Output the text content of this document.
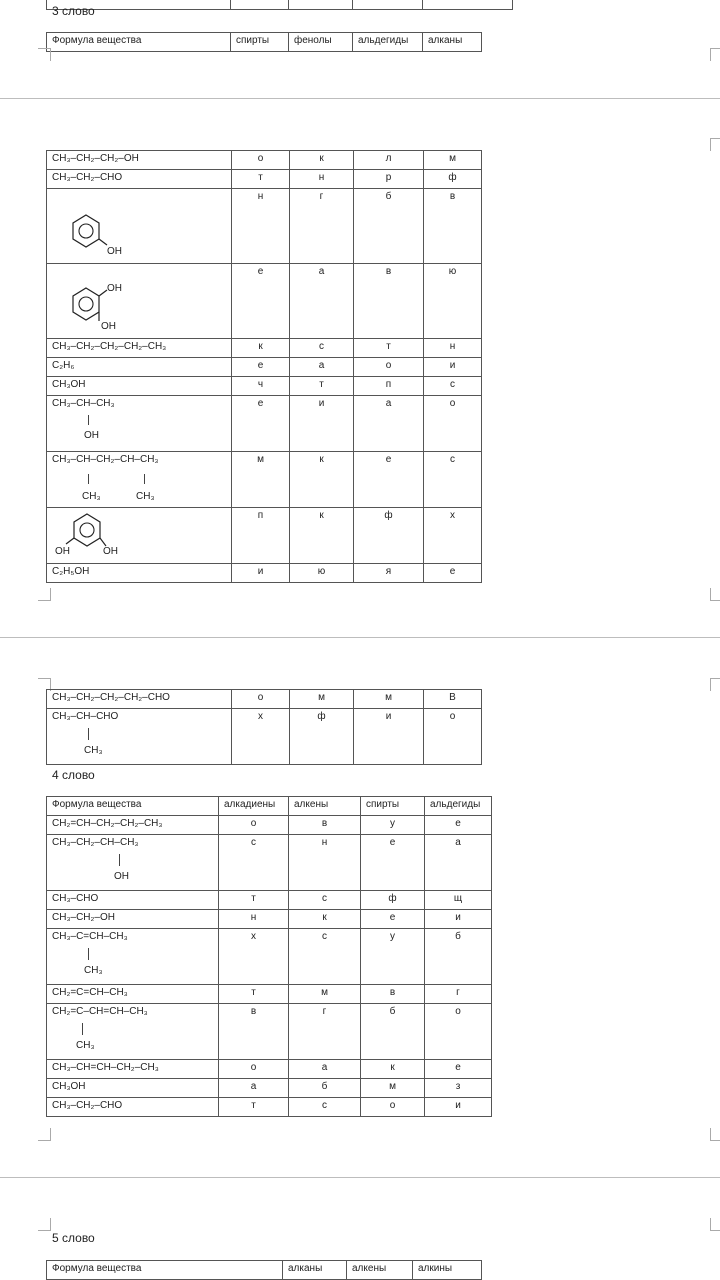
3 слово
Формула вещества	спирты	фенолы	альдегиды	алканы
CH₃–CH₂–CH₂–OH	о	к	л	м
CH₃–CH₂–CHO	т	н	р	ф

OH	н	г	б	в

OH
OH	е	а	в	ю
CH₃–CH₂–CH₂–CH₂–CH₃	к	с	т	н
C₂H₆	е	а	о	и
CH₃OH	ч	т	п	с

CH₃–CH–CH₃
OH	е	и	а	о

CH₃–CH–CH₂–CH–CH₃
CH₃ CH₃	м	к	е	с

OH OH	п	к	ф	х
C₂H₅OH	и	ю	я	е
CH₃–CH₂–CH₂–CH₂–CHO	о	м	м	В

CH₃–CH–CHO
CH₃	х	ф	и	о
4 слово
Формула вещества	алкадиены	алкены	спирты	альдегиды
CH₂=CH–CH₂–CH₂–CH₃	о	в	у	е

CH₃–CH₂–CH–CH₃
OH	с	н	е	а
CH₃–CHO	т	с	ф	щ
CH₃–CH₂–OH	н	к	е	и

CH₃–C=CH–CH₃
CH₃	х	с	у	б
CH₂=C=CH–CH₃	т	м	в	г

CH₂=C–CH=CH–CH₃
CH₃	в	г	б	о
CH₃–CH=CH–CH₂–CH₃	о	а	к	е
CH₃OH	а	б	м	з
CH₃–CH₂–CHO	т	с	о	и
5 слово
Формула вещества	алканы	алкены	алкины
